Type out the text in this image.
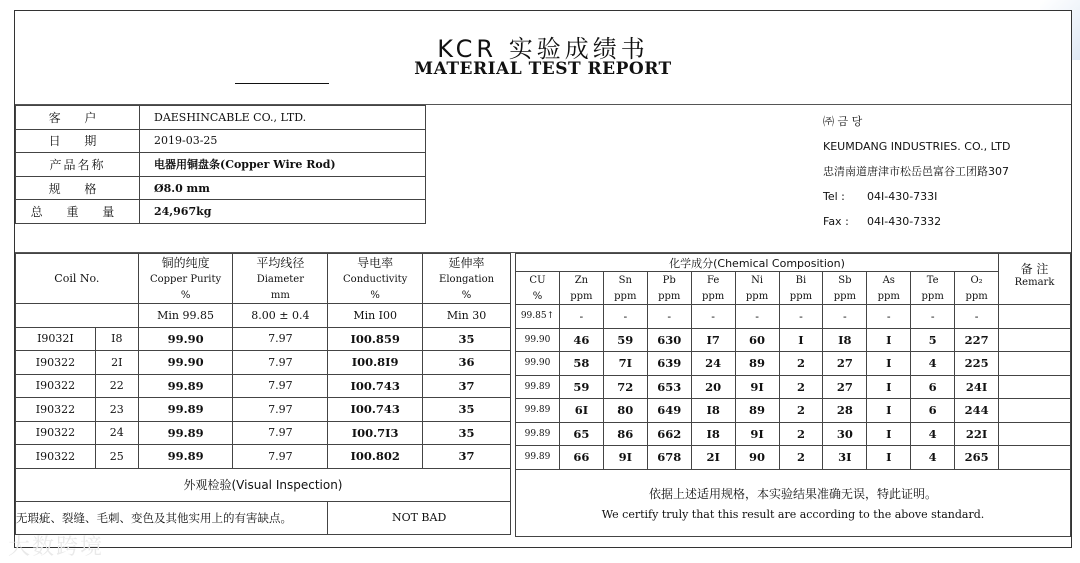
KCR 实验成绩书
MATERIAL TEST REPORT
客 户	DAESHINCABLE CO., LTD.
日 期	2019-03-25
产品名称	电器用铜盘条(Copper Wire Rod)
规 格	Ø8.0 mm
总 重 量	24,967kg
㈜ 금 당
KEUMDANG INDUSTRIES. CO., LTD
忠清南道唐津市松岳邑富谷工团路307
Tel : 04I-430-733I
Fax : 04I-430-7332
Coil No.		铜的纯度	平均线径	导电率	延伸率
		Copper Purity	Diameter	Conductivity	Elongation
		%	mm	%	%
		Min 99.85	8.00 ± 0.4	Min I00	Min 30
I9032I	I8	99.90	7.97	I00.859	35
I90322	2I	99.90	7.97	I00.8I9	36
I90322	22	99.89	7.97	I00.743	37
I90322	23	99.89	7.97	I00.743	35
I90322	24	99.89	7.97	I00.7I3	35
I90322	25	99.89	7.97	I00.802	37
外观检验(Visual Inspection)					
无瑕疵、裂缝、毛刺、变色及其他实用上的有害缺点。				NOT BAD	
化学成分(Chemical Composition)											备 注
Remark

CU	Zn	Sn	Pb	Fe	Ni	Bi	Sb	As	Te	O₂	
%	ppm	ppm	ppm	ppm	ppm	ppm	ppm	ppm	ppm	ppm	
99.85↑	-	-	-	-	-	-	-	-	-	-	
99.90	46	59	630	I7	60	I	I8	I	5	227	
99.90	58	7I	639	24	89	2	27	I	4	225	
99.89	59	72	653	20	9I	2	27	I	6	24I	
99.89	6I	80	649	I8	89	2	28	I	6	244	
99.89	65	86	662	I8	9I	2	30	I	4	22I	
99.89	66	9I	678	2I	90	2	3I	I	4	265	

依据上述适用规格，本实验结果准确无误，特此证明。
We certify truly that this result are according to the above standard.											
大数跨境
